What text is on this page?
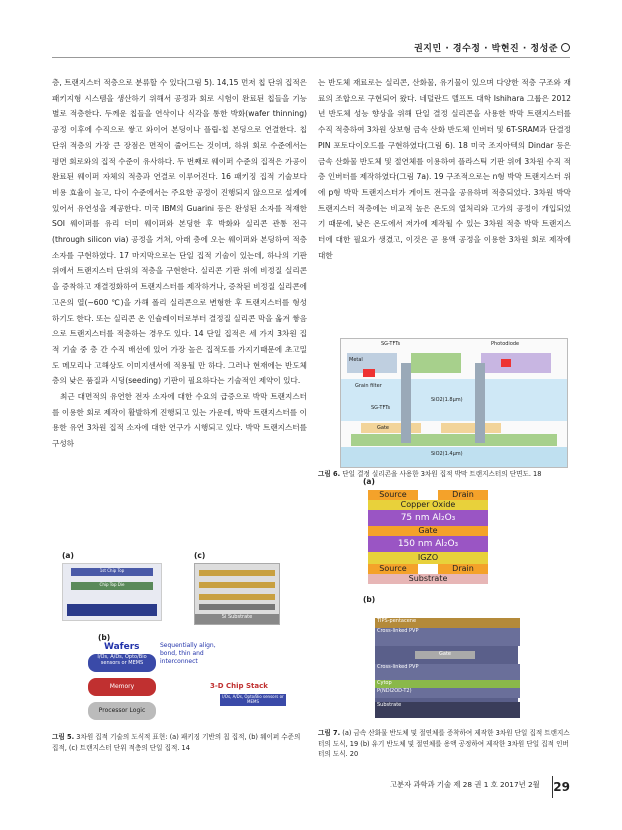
권지민 · 경수정 · 박현진 · 정성준

층, 트랜지스터 적층으로 분류할 수 있다(그림 5). 14,15 먼저 칩 단위 집적은 패키지형 시스템을 생산하기 위해서 공정과 회로 시험이 완료된 칩들을 기능별로 적층한다. 두께운 칩들을 연삭이나 식각을 통한 박화(wafer thinning) 공정 이후에 수직으로 쌓고 와이어 본딩이나 플립-칩 본딩으로 연결한다. 칩 단위 적층의 가장 큰 장점은 면적이 줄어드는 것이며, 하위 회로 수준에서는 평면 회로와의 집적 수준이 유사하다. 두 번째로 웨이퍼 수준의 집적은 가공이 완료된 웨이퍼 자체의 적층과 연결로 이루어진다. 16 패키징 집적 기술보다 비용 효율이 높고, 다이 수준에서는 주요한 공정이 진행되지 않으므로 설계에 있어서 유연성을 제공한다. 미국 IBM의 Guarini 등은 완성된 소자를 적재한 SOI 웨이퍼를 유리 더미 웨이퍼와 본딩한 후 박화와 실리콘 관통 전극(through silicon via) 공정을 거쳐, 아래 층에 오는 웨이퍼와 본딩하여 적층 소자를 구현하였다. 17 마지막으로는 단일 집적 기술이 있는데, 하나의 기판 위에서 트랜지스터 단위의 적층을 구현한다. 실리콘 기판 위에 비정질 실리콘을 증착하고 재결정화하여 트랜지스터를 제작하거나, 증착된 비정질 실리콘에 고온의 열(~600 ℃)을 가해 폴리 실리콘으로 변형한 후 트랜지스터를 형성하기도 한다. 또는 실리콘 온 인슐레이터로부터 결정질 실리콘 막을 옮겨 쌓음으로 트랜지스터를 적층하는 경우도 있다. 14 단일 집적은 세 가지 3차원 집적 기술 중 층 간 수직 배선에 있어 가장 높은 집적도를 가지기때문에 초고밀도 메모리나 고해상도 이미지센서에 적용될 만 하다. 그러나 현재에는 반도체 층의 낮은 품질과 시딩(seeding) 기판이 필요하다는 기술적인 제약이 있다.

최근 대면적의 유연한 전자 소자에 대한 수요의 급증으로 박막 트랜지스터를 이용한 회로 제작이 활발하게 진행되고 있는 가운데, 박막 트랜지스터를 이용한 유연 3차원 집적 소자에 대한 연구가 시행되고 있다. 박막 트랜지스터를 구성하

는 반도체 재료로는 실리콘, 산화물, 유기물이 있으며 다양한 적층 구조와 재료의 조합으로 구현되어 왔다. 네덜란드 델프트 대학 Ishihara 그룹은 2012년 반도체 성능 향상을 위해 단일 결정 실리콘을 사용한 박막 트랜지스터를 수직 적층하여 3차원 상보형 금속 산화 반도체 인버터 및 6T-SRAM과 단결정 PIN 포토다이오드를 구현하였다(그림 6). 18 미국 조지아텍의 Dindar 등은 금속 산화물 반도체 및 절연체를 이용하여 플라스틱 기판 위에 3차원 수직 적층 인버터를 제작하였다(그림 7a). 19 구조적으로는 n형 박막 트랜지스터 위에 p형 박막 트랜지스터가 게이트 전극을 공유하며 적층되었다. 3차원 박막 트랜지스터 적층에는 비교적 높은 온도의 열처리와 고가의 공정이 개입되었기 때문에, 낮은 온도에서 저가에 제작될 수 있는 3차원 적층 박막 트랜지스터에 대한 필요가 생겼고, 이것은 곧 용액 공정을 이용한 3차원 회로 제작에 대한

SG-TFTs	Photodiode
SG-TFTs
SiO2(1.8μm)
SiO2(1.4μm)
Metal
Gate
Grain filter
그림 6. 단일 결정 실리콘을 사용한 3차원 집적 박막 트랜지스터의 단면도. 18
(a)
Source	Drain
Copper Oxide
75 nm Al₂O₃
Gate
150 nm Al₂O₃
IGZO
Source	Drain
Substrate
(b)
TIPS-pentacene
Cross-linked PVP
Gate
Cross-linked PVP
Cytop
P(NDI2OD-T2)
Substrate
그림 7. (a) 금속 산화물 반도체 및 절연체를 증착하여 제작한 3차원 단일 집적 트랜지스터의 도식, 19 (b) 유기 반도체 및 절연체를 용액 공정하여 제작한 3차원 단일 집적 인버터의 도식. 20
(a)
1st Chip Top
Chip Top Die
(c)
Si Substrate
(b)
Wafers
I/Os, A/Ds, Opto/Bio sensors or MEMS
Memory
Processor Logic
Sequentially align, bond, thin and interconnect
I/Os, A/Ds, Opto/Bio sensors or MEMS
3-D Chip Stack
그림 5. 3차원 집적 기술의 도식적 표현: (a) 패키징 기반의 칩 집적, (b) 웨이퍼 수준의 집적, (c) 트랜지스터 단위 적층의 단일 집적. 14
고분자 과학과 기술 제 28 권 1 호 2017년 2월 29
